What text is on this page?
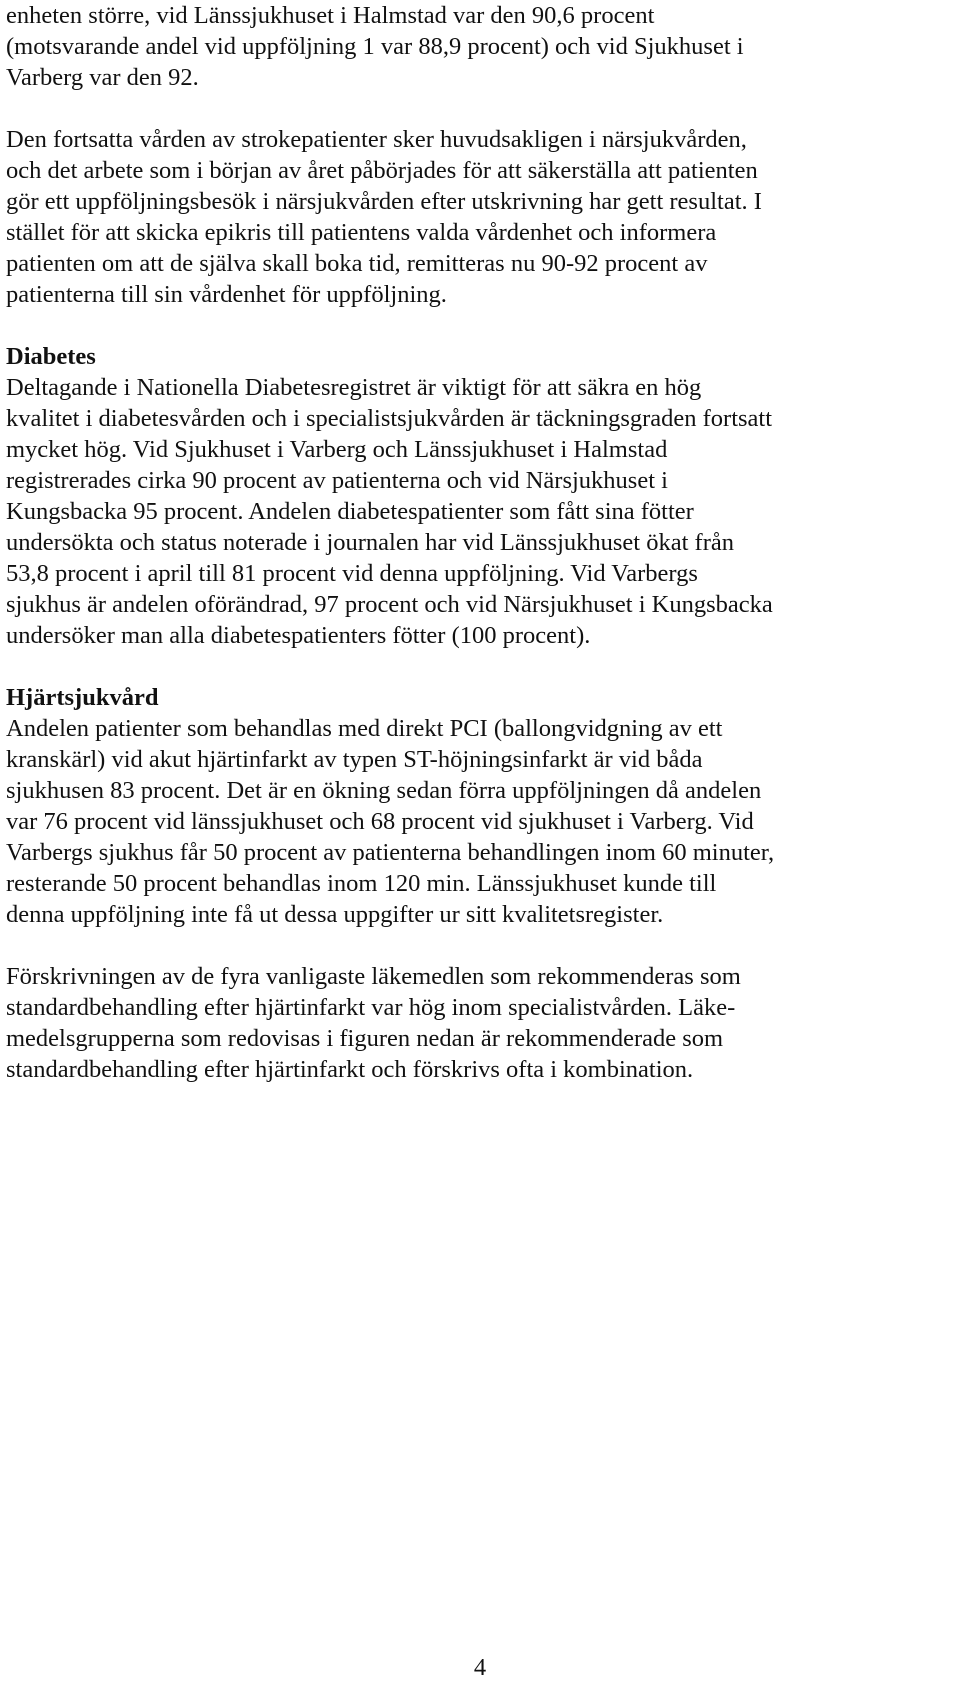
enheten större, vid Länssjukhuset i Halmstad var den 90,6 procent
(motsvarande andel vid uppföljning 1 var 88,9 procent) och vid Sjukhuset i
Varberg var den 92.

Den fortsatta vården av strokepatienter sker huvudsakligen i närsjukvården,
och det arbete som i början av året påbörjades för att säkerställa att patienten
gör ett uppföljningsbesök i närsjukvården efter utskrivning har gett resultat. I
stället för att skicka epikris till patientens valda vårdenhet och informera
patienten om att de själva skall boka tid, remitteras nu 90-92 procent av
patienterna till sin vårdenhet för uppföljning.

Diabetes
Deltagande i Nationella Diabetesregistret är viktigt för att säkra en hög
kvalitet i diabetesvården och i specialistsjukvården är täckningsgraden fortsatt
mycket hög. Vid Sjukhuset i Varberg och Länssjukhuset i Halmstad
registrerades cirka 90 procent av patienterna och vid Närsjukhuset i
Kungsbacka 95 procent. Andelen diabetespatienter som fått sina fötter
undersökta och status noterade i journalen har vid Länssjukhuset ökat från
53,8 procent i april till 81 procent vid denna uppföljning. Vid Varbergs
sjukhus är andelen oförändrad, 97 procent och vid Närsjukhuset i Kungsbacka
undersöker man alla diabetespatienters fötter (100 procent).

Hjärtsjukvård
Andelen patienter som behandlas med direkt PCI (ballongvidgning av ett
kranskärl) vid akut hjärtinfarkt av typen ST-höjningsinfarkt är vid båda
sjukhusen 83 procent. Det är en ökning sedan förra uppföljningen då andelen
var 76 procent vid länssjukhuset och 68 procent vid sjukhuset i Varberg. Vid
Varbergs sjukhus får 50 procent av patienterna behandlingen inom 60 minuter,
resterande 50 procent behandlas inom 120 min. Länssjukhuset kunde till
denna uppföljning inte få ut dessa uppgifter ur sitt kvalitetsregister.

Förskrivningen av de fyra vanligaste läkemedlen som rekommenderas som
standardbehandling efter hjärtinfarkt var hög inom specialistvården. Läke-
medelsgrupperna som redovisas i figuren nedan är rekommenderade som
standardbehandling efter hjärtinfarkt och förskrivs ofta i kombination.

4
